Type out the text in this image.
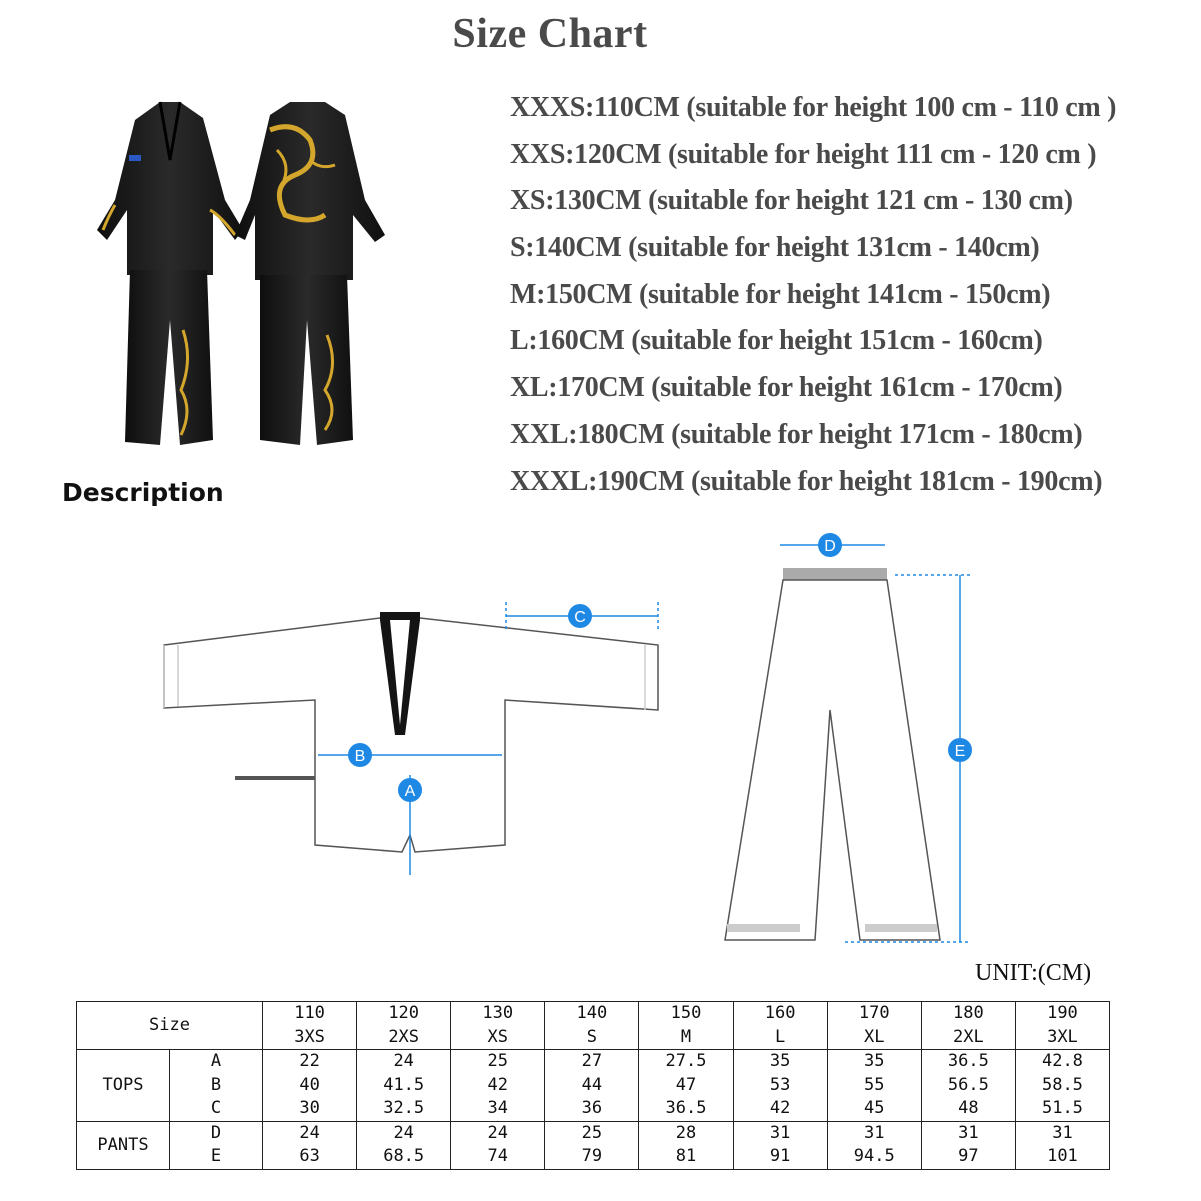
Size Chart
Description
XXXS:110CM (suitable for height 100 cm - 110 cm )
XXS:120CM (suitable for height 111 cm - 120 cm )
XS:130CM (suitable for height 121 cm - 130 cm)
S:140CM (suitable for height 131cm - 140cm)
M:150CM (suitable for height 141cm - 150cm)
L:160CM (suitable for height 151cm - 160cm)
XL:170CM (suitable for height 161cm - 170cm)
XXL:180CM (suitable for height 171cm - 180cm)
XXXL:190CM (suitable for height 181cm - 190cm)
A
B
C
D
E
UNIT:(CM)
Size		110	120	130	140	150	160	170	180	190
		3XS	2XS	XS	S	M	L	XL	2XL	3XL
TOPS	A	22	24	25	27	27.5	35	35	36.5	42.8
	B	40	41.5	42	44	47	53	55	56.5	58.5
	C	30	32.5	34	36	36.5	42	45	48	51.5
PANTS	D	24	24	24	25	28	31	31	31	31
	E	63	68.5	74	79	81	91	94.5	97	101
